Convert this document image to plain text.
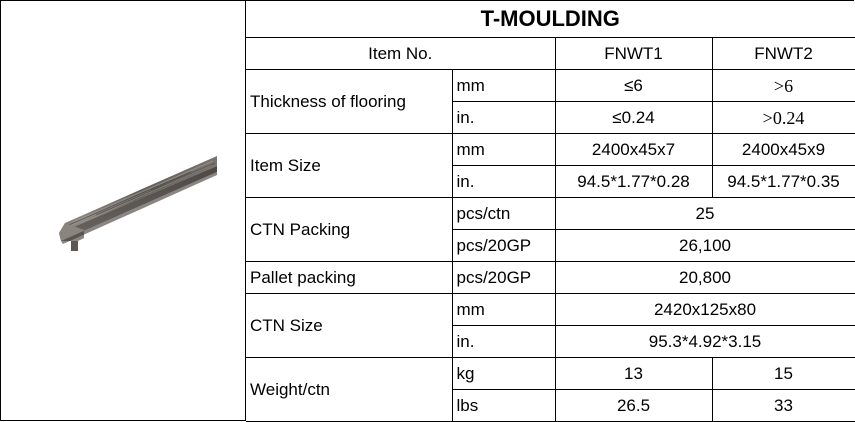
T-MOULDING			
Item No.		FNWT1	FNWT2
Thickness of flooring	mm	≤6	>6
	in.	≤0.24	>0.24
Item Size	mm	2400x45x7	2400x45x9
	in.	94.5*1.77*0.28	94.5*1.77*0.35
CTN Packing	pcs/ctn	25	
	pcs/20GP	26,100	
Pallet packing	pcs/20GP	20,800	
CTN Size	mm	2420x125x80	
	in.	95.3*4.92*3.15	
Weight/ctn	kg	13	15
	lbs	26.5	33
